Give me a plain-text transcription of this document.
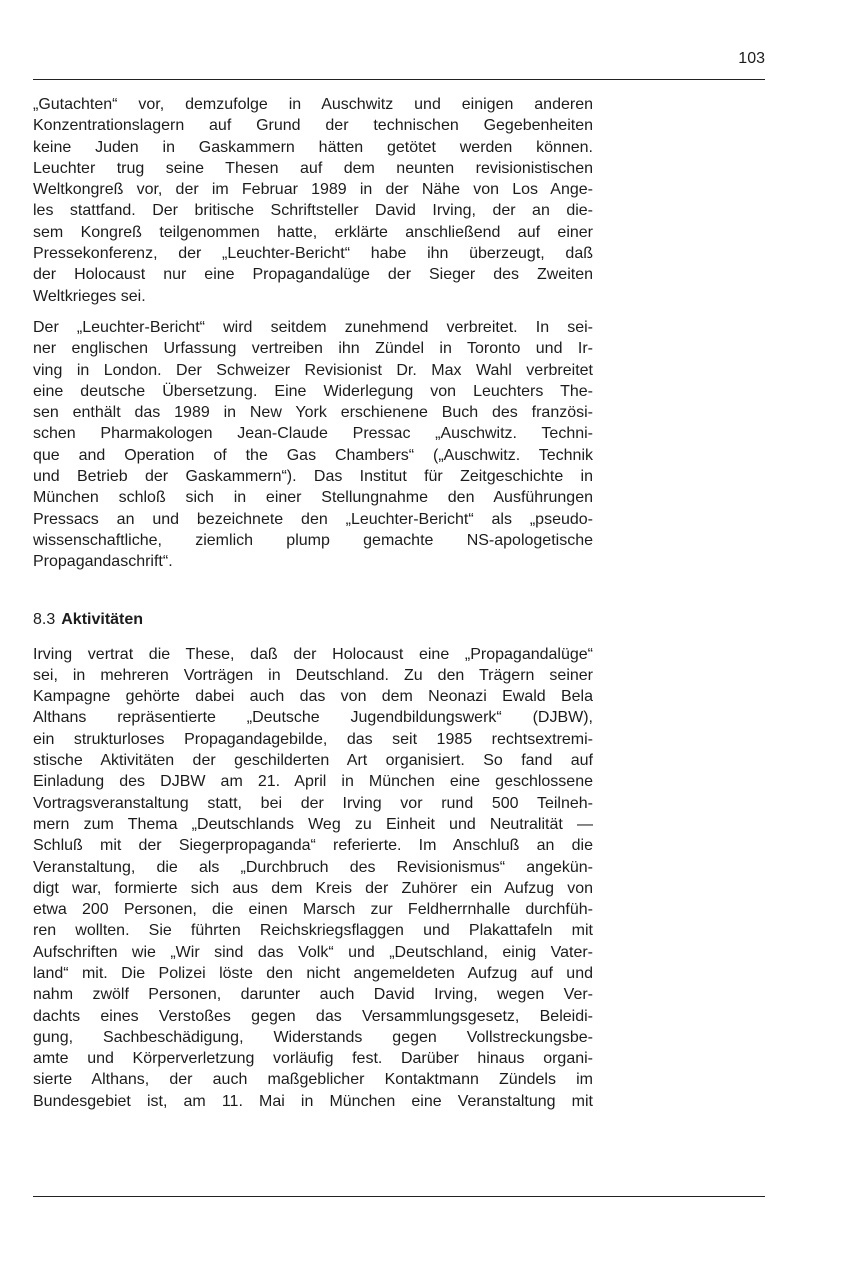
103
„Gutachten“ vor, demzufolge in Auschwitz und einigen anderen
Konzentrationslagern auf Grund der technischen Gegebenheiten
keine Juden in Gaskammern hätten getötet werden können.
Leuchter trug seine Thesen auf dem neunten revisionistischen
Weltkongreß vor, der im Februar 1989 in der Nähe von Los Ange-
les stattfand. Der britische Schriftsteller David Irving, der an die-
sem Kongreß teilgenommen hatte, erklärte anschließend auf einer
Pressekonferenz, der „Leuchter-Bericht“ habe ihn überzeugt, daß
der Holocaust nur eine Propagandalüge der Sieger des Zweiten
Weltkrieges sei.
Der „Leuchter-Bericht“ wird seitdem zunehmend verbreitet. In sei-
ner englischen Urfassung vertreiben ihn Zündel in Toronto und Ir-
ving in London. Der Schweizer Revisionist Dr. Max Wahl verbreitet
eine deutsche Übersetzung. Eine Widerlegung von Leuchters The-
sen enthält das 1989 in New York erschienene Buch des französi-
schen Pharmakologen Jean-Claude Pressac „Auschwitz. Techni-
que and Operation of the Gas Chambers“ („Auschwitz. Technik
und Betrieb der Gaskammern“). Das Institut für Zeitgeschichte in
München schloß sich in einer Stellungnahme den Ausführungen
Pressacs an und bezeichnete den „Leuchter-Bericht“ als „pseudo-
wissenschaftliche, ziemlich plump gemachte NS-apologetische
Propagandaschrift“.
8.3 Aktivitäten
Irving vertrat die These, daß der Holocaust eine „Propagandalüge“
sei, in mehreren Vorträgen in Deutschland. Zu den Trägern seiner
Kampagne gehörte dabei auch das von dem Neonazi Ewald Bela
Althans repräsentierte „Deutsche Jugendbildungswerk“ (DJBW),
ein strukturloses Propagandagebilde, das seit 1985 rechtsextremi-
stische Aktivitäten der geschilderten Art organisiert. So fand auf
Einladung des DJBW am 21. April in München eine geschlossene
Vortragsveranstaltung statt, bei der Irving vor rund 500 Teilneh-
mern zum Thema „Deutschlands Weg zu Einheit und Neutralität —
Schluß mit der Siegerpropaganda“ referierte. Im Anschluß an die
Veranstaltung, die als „Durchbruch des Revisionismus“ angekün-
digt war, formierte sich aus dem Kreis der Zuhörer ein Aufzug von
etwa 200 Personen, die einen Marsch zur Feldherrnhalle durchfüh-
ren wollten. Sie führten Reichskriegsflaggen und Plakattafeln mit
Aufschriften wie „Wir sind das Volk“ und „Deutschland, einig Vater-
land“ mit. Die Polizei löste den nicht angemeldeten Aufzug auf und
nahm zwölf Personen, darunter auch David Irving, wegen Ver-
dachts eines Verstoßes gegen das Versammlungsgesetz, Beleidi-
gung, Sachbeschädigung, Widerstands gegen Vollstreckungsbe-
amte und Körperverletzung vorläufig fest. Darüber hinaus organi-
sierte Althans, der auch maßgeblicher Kontaktmann Zündels im
Bundesgebiet ist, am 11. Mai in München eine Veranstaltung mit
